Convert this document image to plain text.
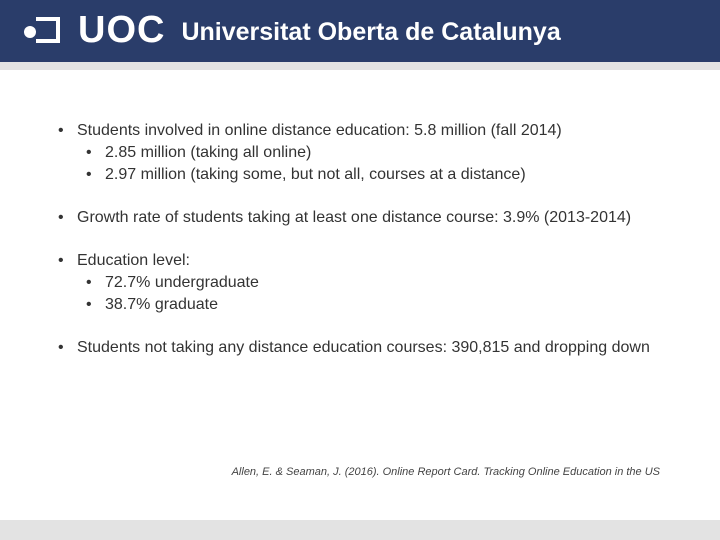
UOC Universitat Oberta de Catalunya
• Students involved in online distance education: 5.8 million (fall 2014)
• 2.85 million (taking all online)
• 2.97 million (taking some, but not all, courses at a distance)
• Growth rate of students taking at least one distance course: 3.9% (2013-2014)
• Education level:
• 72.7% undergraduate
• 38.7% graduate
• Students not taking any distance education courses: 390,815 and dropping down
Allen, E. & Seaman, J. (2016). Online Report Card. Tracking Online Education in the US
